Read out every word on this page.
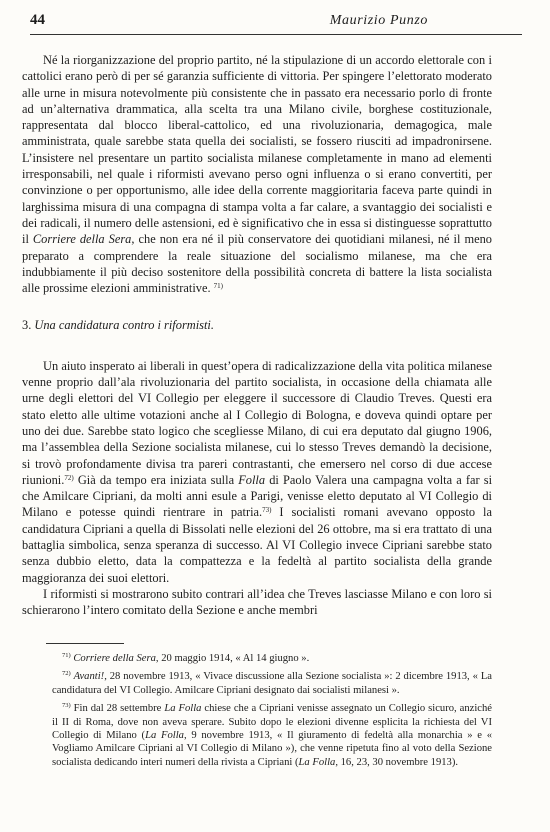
44	Maurizio Punzo

Né la riorganizzazione del proprio partito, né la stipulazione di un accordo elettorale con i cattolici erano però di per sé garanzia sufficiente di vittoria. Per spingere l’elettorato moderato alle urne in misura notevolmente più consistente che in passato era necessario porlo di fronte ad un’alternativa drammatica, alla scelta tra una Milano civile, borghese costituzionale, rappresentata dal blocco liberal-cattolico, ed una rivoluzionaria, demagogica, male amministrata, quale sarebbe stata quella dei socialisti, se fossero riusciti ad impadronirsene. L’insistere nel presentare un partito socialista milanese completamente in mano ad elementi irresponsabili, nel quale i riformisti avevano perso ogni influenza o si erano convertiti, per convinzione o per opportunismo, alle idee della corrente maggioritaria faceva parte quindi in larghissima misura di una compagna di stampa volta a far calare, a svantaggio dei socialisti e dei radicali, il numero delle astensioni, ed è significativo che in essa si distinguesse soprattutto il Corriere della Sera, che non era né il più conservatore dei quotidiani milanesi, né il meno preparato a comprendere la reale situazione del socialismo milanese, ma che era indubbiamente il più deciso sostenitore della possibilità concreta di battere la lista socialista alle prossime elezioni amministrative. $^{71)}$

3. Una candidatura contro i riformisti.

Un aiuto insperato ai liberali in quest’opera di radicalizzazione della vita politica milanese venne proprio dall’ala rivoluzionaria del partito socialista, in occasione della chiamata alle urne degli elettori del VI Collegio per eleggere il successore di Claudio Treves. Questi era stato eletto alle ultime votazioni anche al I Collegio di Bologna, e doveva quindi optare per uno dei due. Sarebbe stato logico che scegliesse Milano, di cui era deputato dal giugno 1906, ma l’assemblea della Sezione socialista milanese, cui lo stesso Treves demandò la decisione, si trovò profondamente divisa tra pareri contrastanti, che emersero nel corso di due accese riunioni.$^{72)}$ Già da tempo era iniziata sulla Folla di Paolo Valera una campagna volta a far si che Amilcare Cipriani, da molti anni esule a Parigi, venisse eletto deputato al VI Collegio di Milano e potesse quindi rientrare in patria.$^{73)}$ I socialisti romani avevano opposto la candidatura Cipriani a quella di Bissolati nelle elezioni del 26 ottobre, ma si era trattato di una battaglia simbolica, senza speranza di successo. Al VI Collegio invece Cipriani sarebbe stato senza dubbio eletto, data la compattezza e la fedeltà al partito socialista della grande maggioranza dei suoi elettori.

I riformisti si mostrarono subito contrari all’idea che Treves lasciasse Milano e con loro si schierarono l’intero comitato della Sezione e anche membri

$^{71)}$ Corriere della Sera, 20 maggio 1914, « Al 14 giugno ».

$^{72)}$ Avanti!, 28 novembre 1913, « Vivace discussione alla Sezione socialista »: 2 dicembre 1913, « La candidatura del VI Collegio. Amilcare Cipriani designato dai socialisti milanesi ».

$^{73)}$ Fin dal 28 settembre La Folla chiese che a Cipriani venisse assegnato un Collegio sicuro, anziché il II di Roma, dove non aveva sperare. Subito dopo le elezioni divenne esplicita la richiesta del VI Collegio di Milano (La Folla, 9 novembre 1913, « Il giuramento di fedeltà alla monarchia » e « Vogliamo Amilcare Cipriani al VI Collegio di Milano »), che venne ripetuta fino al voto della Sezione socialista dedicando interi numeri della rivista a Cipriani (La Folla, 16, 23, 30 novembre 1913).
